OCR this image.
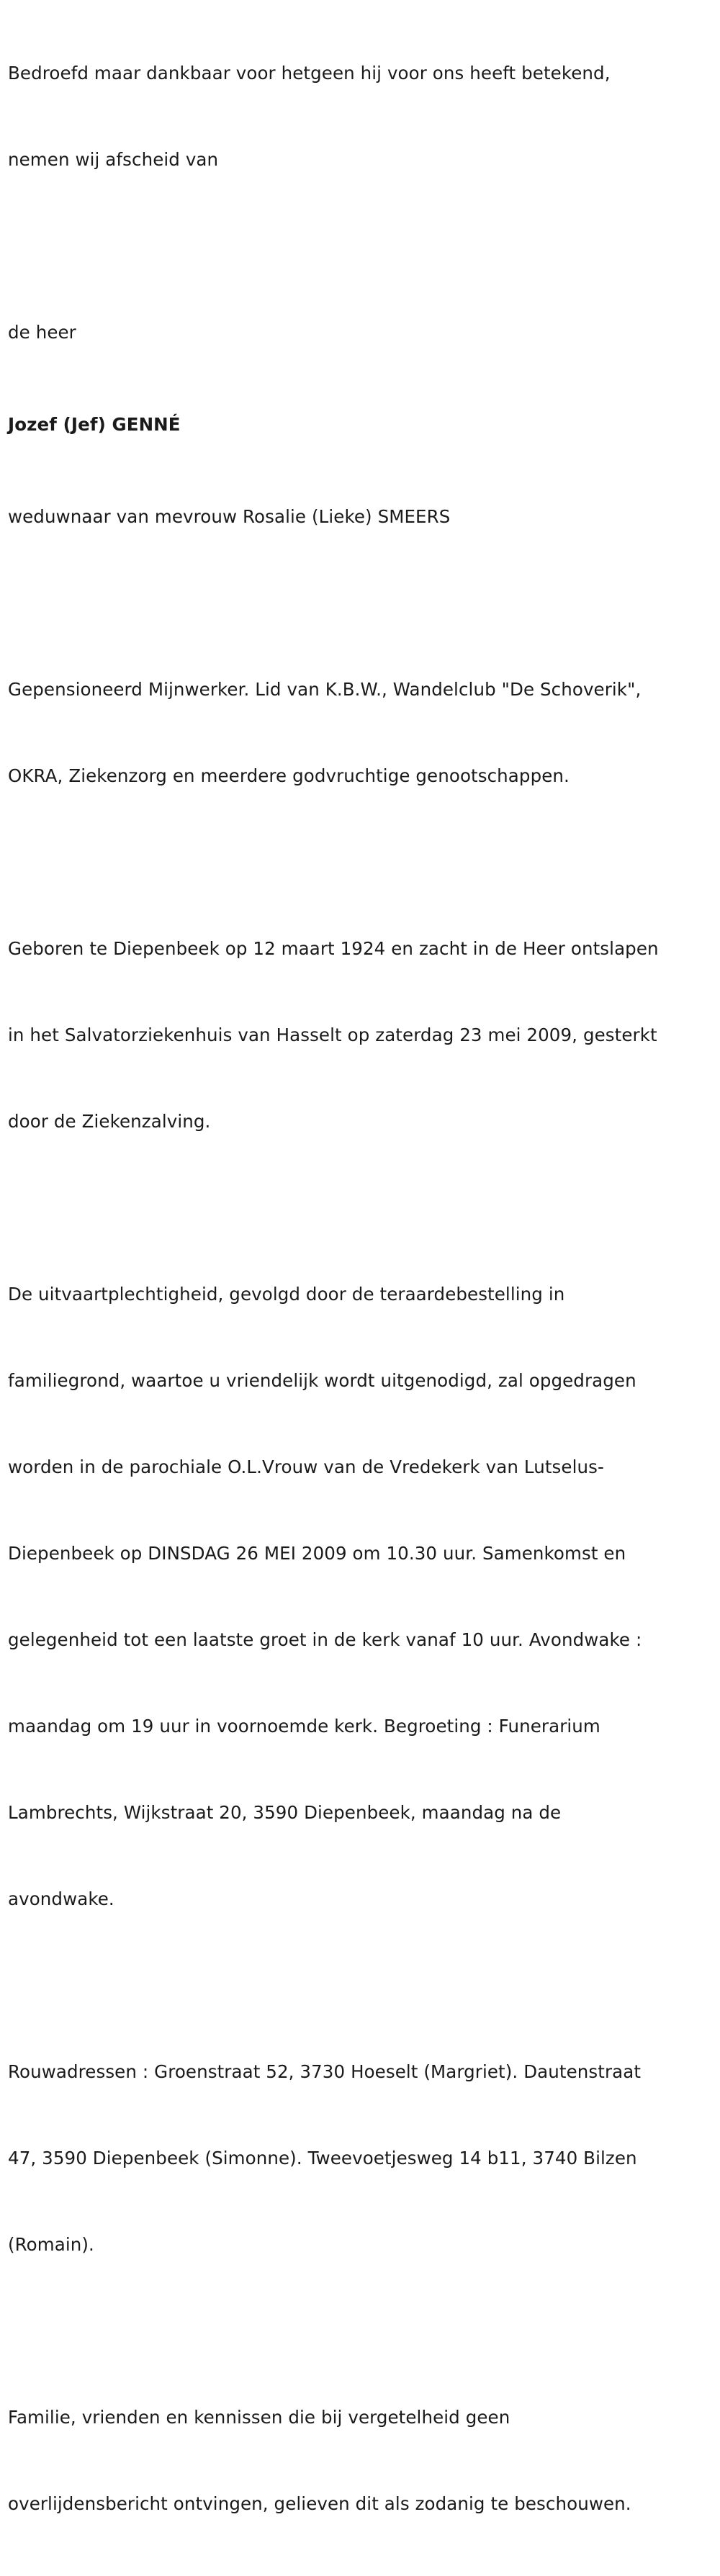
Bedroefd maar dankbaar voor hetgeen hij voor ons heeft betekend,

nemen wij afscheid van

de heer

Jozef (Jef) GENNÉ

weduwnaar van mevrouw Rosalie (Lieke) SMEERS

Gepensioneerd Mijnwerker. Lid van K.B.W., Wandelclub "De Schoverik",

OKRA, Ziekenzorg en meerdere godvruchtige genootschappen.

Geboren te Diepenbeek op 12 maart 1924 en zacht in de Heer ontslapen

in het Salvatorziekenhuis van Hasselt op zaterdag 23 mei 2009, gesterkt

door de Ziekenzalving.

De uitvaartplechtigheid, gevolgd door de teraardebestelling in

familiegrond, waartoe u vriendelijk wordt uitgenodigd, zal opgedragen

worden in de parochiale O.L.Vrouw van de Vredekerk van Lutselus-

Diepenbeek op DINSDAG 26 MEI 2009 om 10.30 uur. Samenkomst en

gelegenheid tot een laatste groet in de kerk vanaf 10 uur. Avondwake :

maandag om 19 uur in voornoemde kerk. Begroeting : Funerarium

Lambrechts, Wijkstraat 20, 3590 Diepenbeek, maandag na de

avondwake.

Rouwadressen : Groenstraat 52, 3730 Hoeselt (Margriet). Dautenstraat

47, 3590 Diepenbeek (Simonne). Tweevoetjesweg 14 b11, 3740 Bilzen

(Romain).

Familie, vrienden en kennissen die bij vergetelheid geen

overlijdensbericht ontvingen, gelieven dit als zodanig te beschouwen.
